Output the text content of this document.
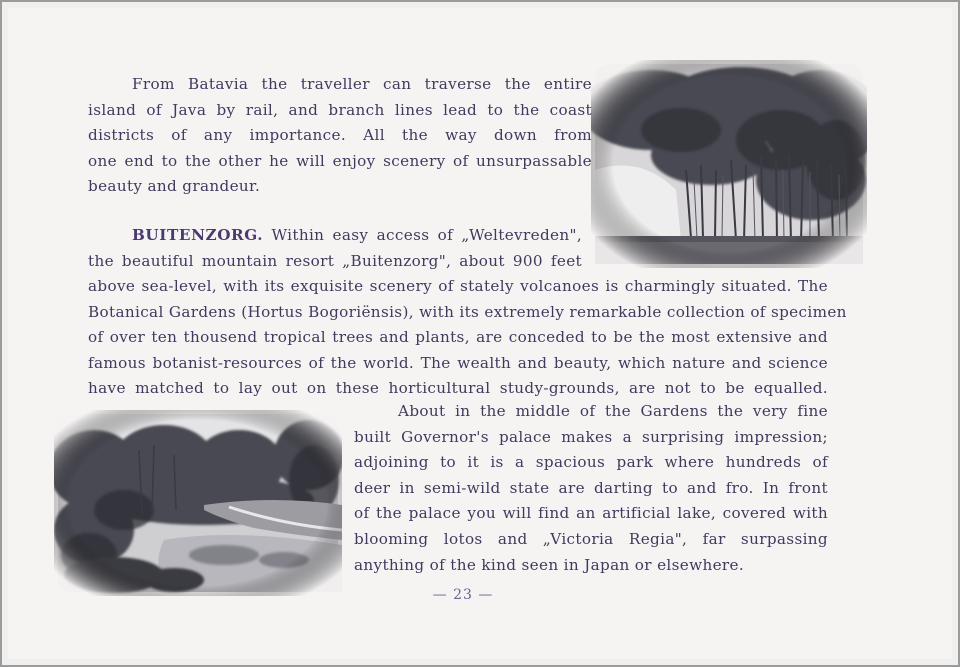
From Batavia the traveller can traverse the entire
island of Java by rail, and branch lines lead to the coast
districts of any importance. All the way down from
one end to the other he will enjoy scenery of unsurpassable
beauty and grandeur.
BUITENZORG. Within easy access of „Weltevreden",
the beautiful mountain resort „Buitenzorg", about 900 feet
above sea-level, with its exquisite scenery of stately volcanoes is charmingly situated. The
Botanical Gardens (Hortus Bogoriënsis), with its extremely remarkable collection of specimen
of over ten thousend tropical trees and plants, are conceded to be the most extensive and
famous botanist-resources of the world. The wealth and beauty, which nature and science
have matched to lay out on these horticultural study-grounds, are not to be equalled.
About in the middle of the Gardens the very fine
built Governor's palace makes a surprising impression;
adjoining to it is a spacious park where hundreds of
deer in semi-wild state are darting to and fro. In front
of the palace you will find an artificial lake, covered with
blooming lotos and „Victoria Regia", far surpassing
anything of the kind seen in Japan or elsewhere.
— 23 —
